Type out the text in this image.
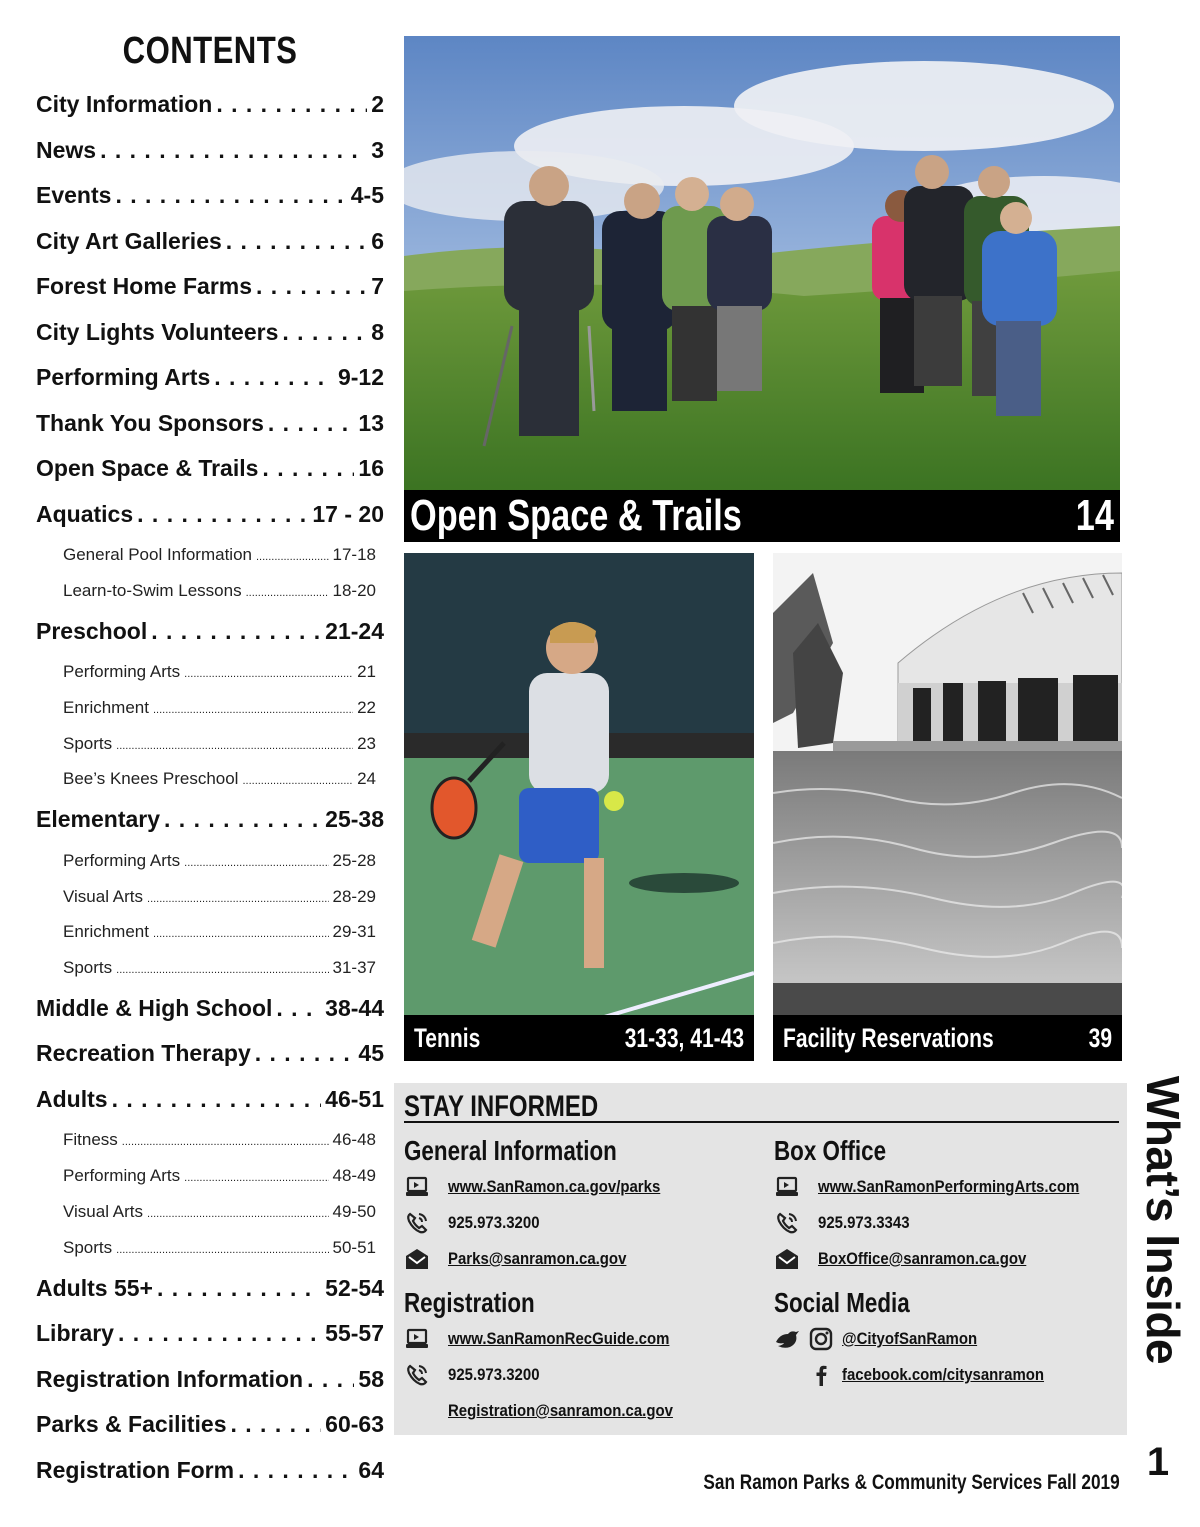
CONTENTS
City Information . . .	2
News . . .	3
Events . . .	4-5
City Art Galleries . . .	6
Forest Home Farms . . .	7
City Lights Volunteers . . .	8
Performing Arts . . .	9-12
Thank You Sponsors . . .	13
Open Space & Trails . . .	16
Aquatics . . .	17 - 20
General Pool Information .....	17-18
Learn-to-Swim Lessons .....	18-20
Preschool . . .	21-24
Performing Arts .....	21
Enrichment .....	22
Sports .....	23
Bee’s Knees Preschool .....	24
Elementary . . .	25-38
Performing Arts .....	25-28
Visual Arts .....	28-29
Enrichment .....	29-31
Sports .....	31-37
Middle & High School . . . 38-44
Recreation Therapy . . .	45
Adults . . .	46-51
Fitness .....	46-48
Performing Arts .....	48-49
Visual Arts .....	49-50
Sports .....	50-51
Adults 55+ . . .	52-54
Library . . .	55-57
Registration Information . . . 58
Parks & Facilities . . .	60-63
Registration Form . . .	64
Open Space & Trails	14
Tennis	31-33, 41-43 Facility Reservations	39
STAY INFORMED
General Information
www.SanRamon.ca.gov/parks
925.973.3200
Parks@sanramon.ca.gov
Registration
www.SanRamonRecGuide.com
925.973.3200
Registration@sanramon.ca.gov
Box Office
www.SanRamonPerformingArts.com
925.973.3343
BoxOffice@sanramon.ca.gov
Social Media
@CityofSanRamon
facebook.com/citysanramon
What’s Inside
1
San Ramon Parks & Community Services Fall 2019
